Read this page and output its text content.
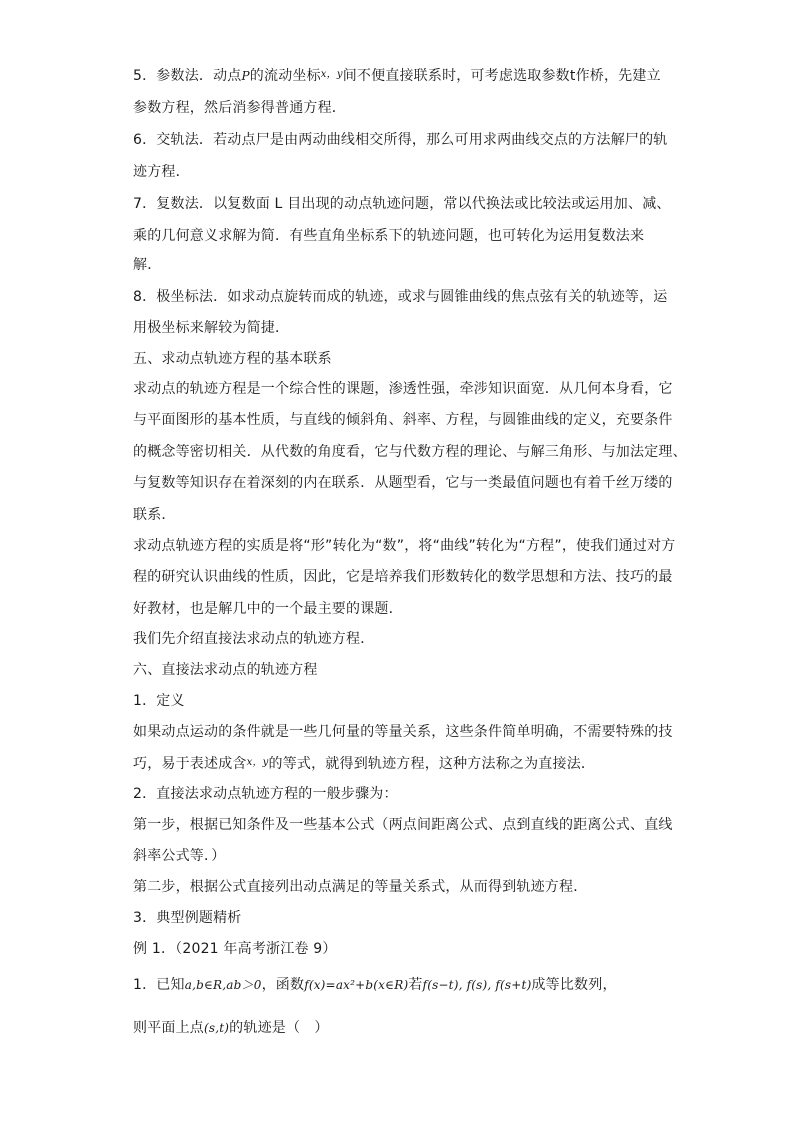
5．参数法．动点P的流动坐标$^{x,y}$间不便直接联系时，可考虑选取参数t作桥，先建立
参数方程，然后消参得普通方程．
6．交轨法．若动点尸是由两动曲线相交所得，那么可用求两曲线交点的方法解尸的轨
迹方程．
7．复数法．以复数面 L 目出现的动点轨迹问题，常以代换法或比较法或运用加、减、
乘的几何意义求解为简．有些直角坐标系下的轨迹问题，也可转化为运用复数法来
解．
8．极坐标法．如求动点旋转而成的轨迹，或求与圆锥曲线的焦点弦有关的轨迹等，运
用极坐标来解较为简捷．
五、求动点轨迹方程的基本联系
求动点的轨迹方程是一个综合性的课题，渗透性强，牵涉知识面宽．从几何本身看，它
与平面图形的基本性质，与直线的倾斜角、斜率、方程，与圆锥曲线的定义，充要条件
的概念等密切相关．从代数的角度看，它与代数方程的理论、与解三角形、与加法定理、
与复数等知识存在着深刻的内在联系．从题型看，它与一类最值问题也有着千丝万缕的
联系．
求动点轨迹方程的实质是将“形”转化为“数”，将“曲线”转化为“方程”，使我们通过对方
程的研究认识曲线的性质，因此，它是培养我们形数转化的数学思想和方法、技巧的最
好教材，也是解几中的一个最主要的课题．
我们先介绍直接法求动点的轨迹方程．
六、直接法求动点的轨迹方程
1．定义
如果动点运动的条件就是一些几何量的等量关系，这些条件简单明确，不需要特殊的技
巧，易于表述成含$^{x,y}$的等式，就得到轨迹方程，这种方法称之为直接法．
2．直接法求动点轨迹方程的一般步骤为：
第一步，根据已知条件及一些基本公式（两点间距离公式、点到直线的距离公式、直线
斜率公式等．）
第二步，根据公式直接列出动点满足的等量关系式，从而得到轨迹方程．
3．典型例题精析
例 1．（2021 年高考浙江卷 9）
1．已知a,b∈R,ab＞0，函数f(x)=ax²+b(x∈R)若f(s−t), f(s), f(s+t)成等比数列，
则平面上点(s,t)的轨迹是（　）
